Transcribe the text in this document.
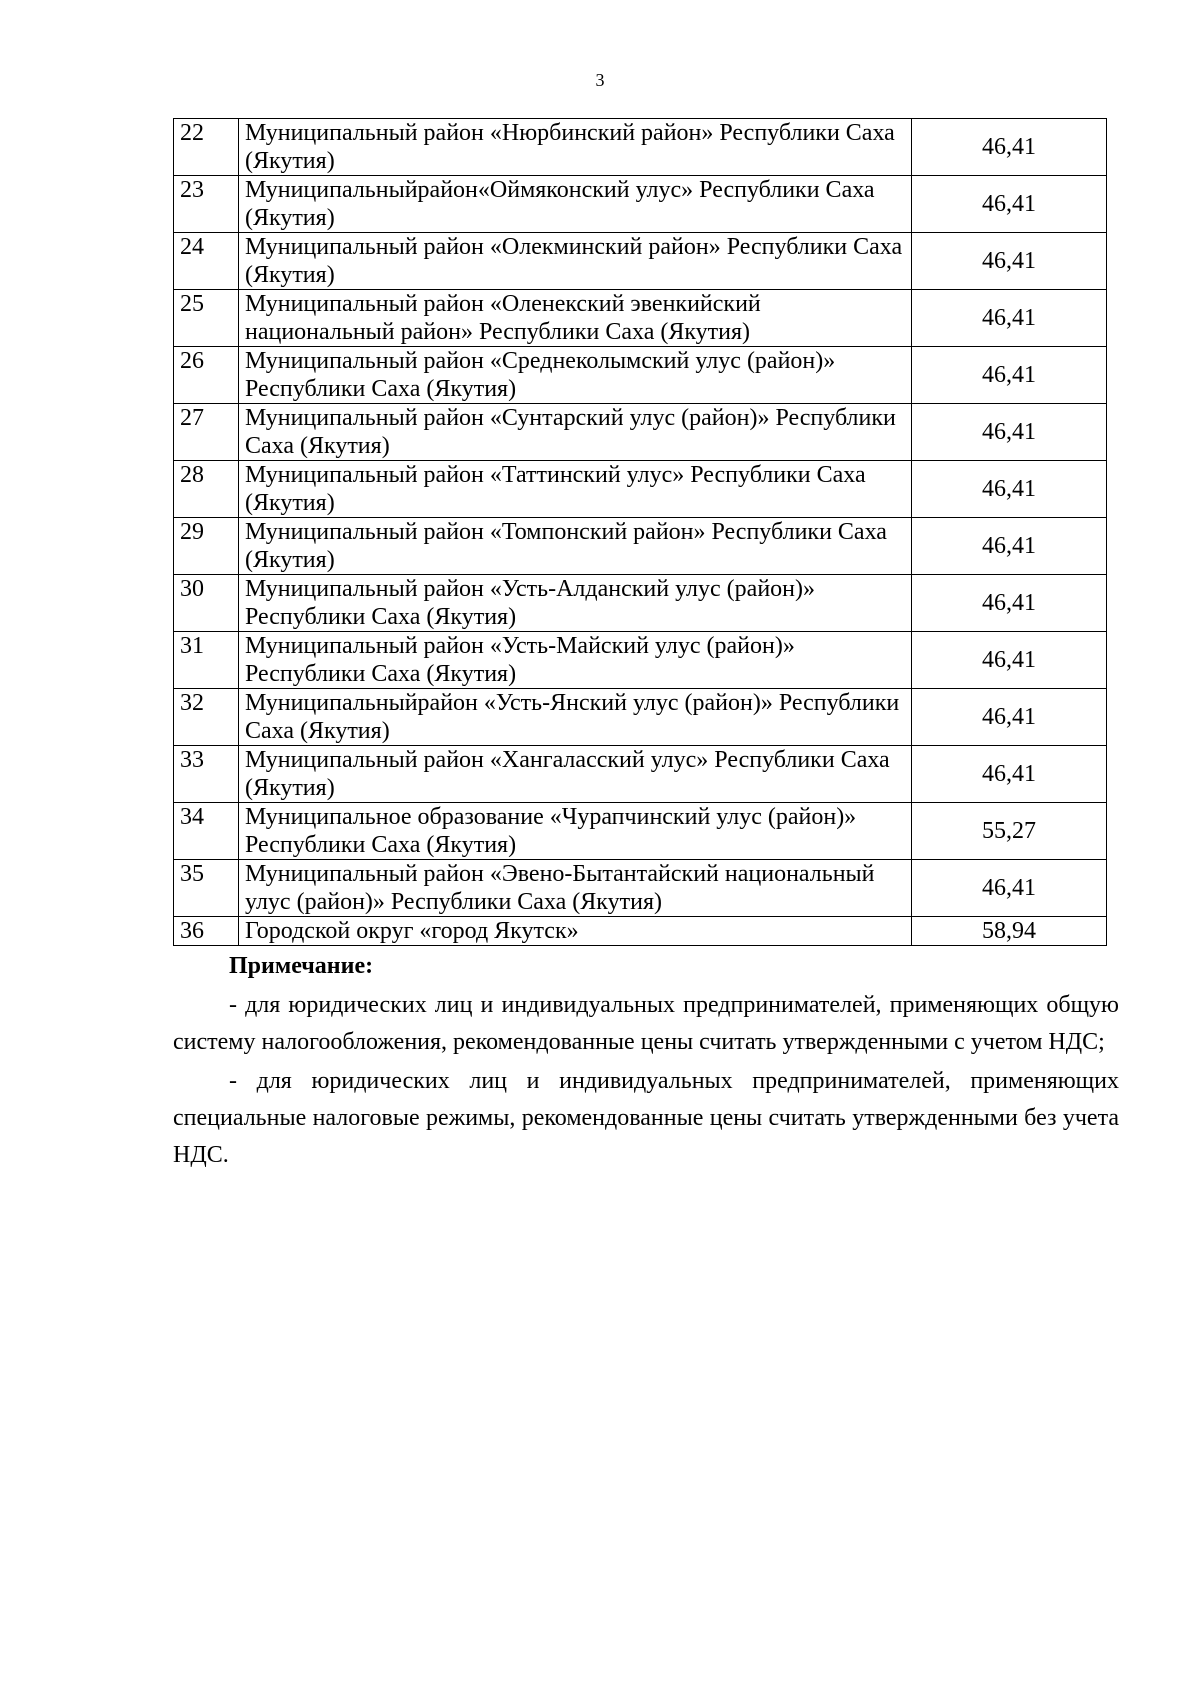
3
22	Муниципальный район «Нюрбинский район» Республики Саха (Якутия)	46,41
23	Муниципальныйрайон«Оймяконский улус» Республики Саха (Якутия)	46,41
24	Муниципальный район «Олекминский район» Республики Саха (Якутия)	46,41
25	Муниципальный район «Оленекский эвенкийский национальный район» Республики Саха (Якутия)	46,41
26	Муниципальный район «Среднеколымский улус (район)» Республики Саха (Якутия)	46,41
27	Муниципальный район «Сунтарский улус (район)» Республики Саха (Якутия)	46,41
28	Муниципальный район «Таттинский улус» Республики Саха (Якутия)	46,41
29	Муниципальный район «Томпонский район» Республики Саха (Якутия)	46,41
30	Муниципальный район «Усть-Алданский улус (район)» Республики Саха (Якутия)	46,41
31	Муниципальный район «Усть-Майский улус (район)» Республики Саха (Якутия)	46,41
32	Муниципальныйрайон «Усть-Янский улус (район)» Республики Саха (Якутия)	46,41
33	Муниципальный район «Хангаласский улус» Республики Саха (Якутия)	46,41
34	Муниципальное образование «Чурапчинский улус (район)» Республики Саха (Якутия)	55,27
35	Муниципальный район «Эвено-Бытантайский национальный улус (район)» Республики Саха (Якутия)	46,41
36	Городской округ «город Якутск»	58,94

Примечание:

- для юридических лиц и индивидуальных предпринимателей, применяющих общую систему налогообложения, рекомендованные цены считать утвержденными с учетом НДС;

- для юридических лиц и индивидуальных предпринимателей, применяющих специальные налоговые режимы, рекомендованные цены считать утвержденными без учета НДС.
